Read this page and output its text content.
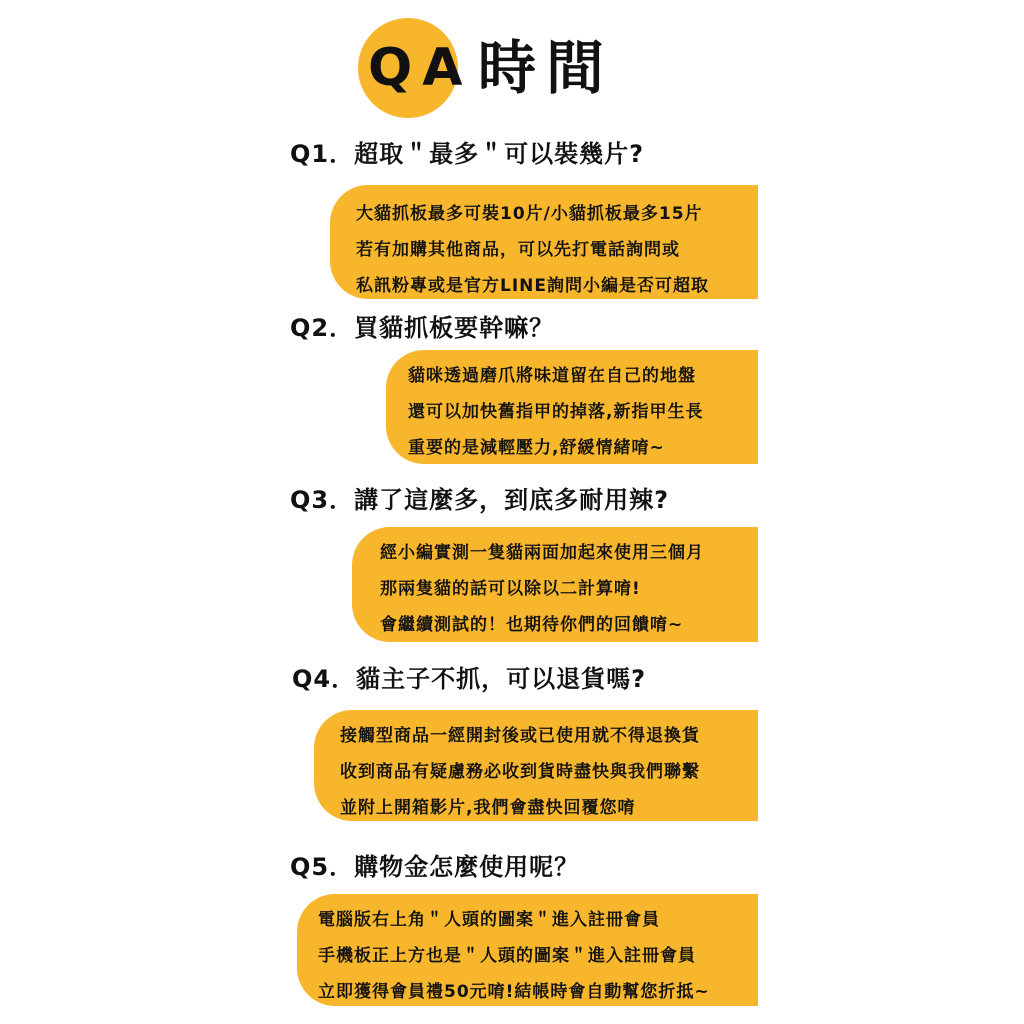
QA 時間
Q1．超取＂最多＂可以裝幾片?
大貓抓板最多可裝10片/小貓抓板最多15片
若有加購其他商品，可以先打電話詢問或
私訊粉專或是官方LINE詢問小編是否可超取
Q2．買貓抓板要幹嘛？
貓咪透過磨爪將味道留在自己的地盤
還可以加快舊指甲的掉落,新指甲生長
重要的是減輕壓力,舒緩情緒唷~
Q3．講了這麼多，到底多耐用辣?
經小編實測一隻貓兩面加起來使用三個月
那兩隻貓的話可以除以二計算唷!
會繼續測試的！也期待你們的回饋唷~
Q4．貓主子不抓，可以退貨嗎?
接觸型商品一經開封後或已使用就不得退換貨
收到商品有疑慮務必收到貨時盡快與我們聯繫
並附上開箱影片,我們會盡快回覆您唷
Q5．購物金怎麼使用呢？
電腦版右上角＂人頭的圖案＂進入註冊會員
手機板正上方也是＂人頭的圖案＂進入註冊會員
立即獲得會員禮50元唷!結帳時會自動幫您折抵~
